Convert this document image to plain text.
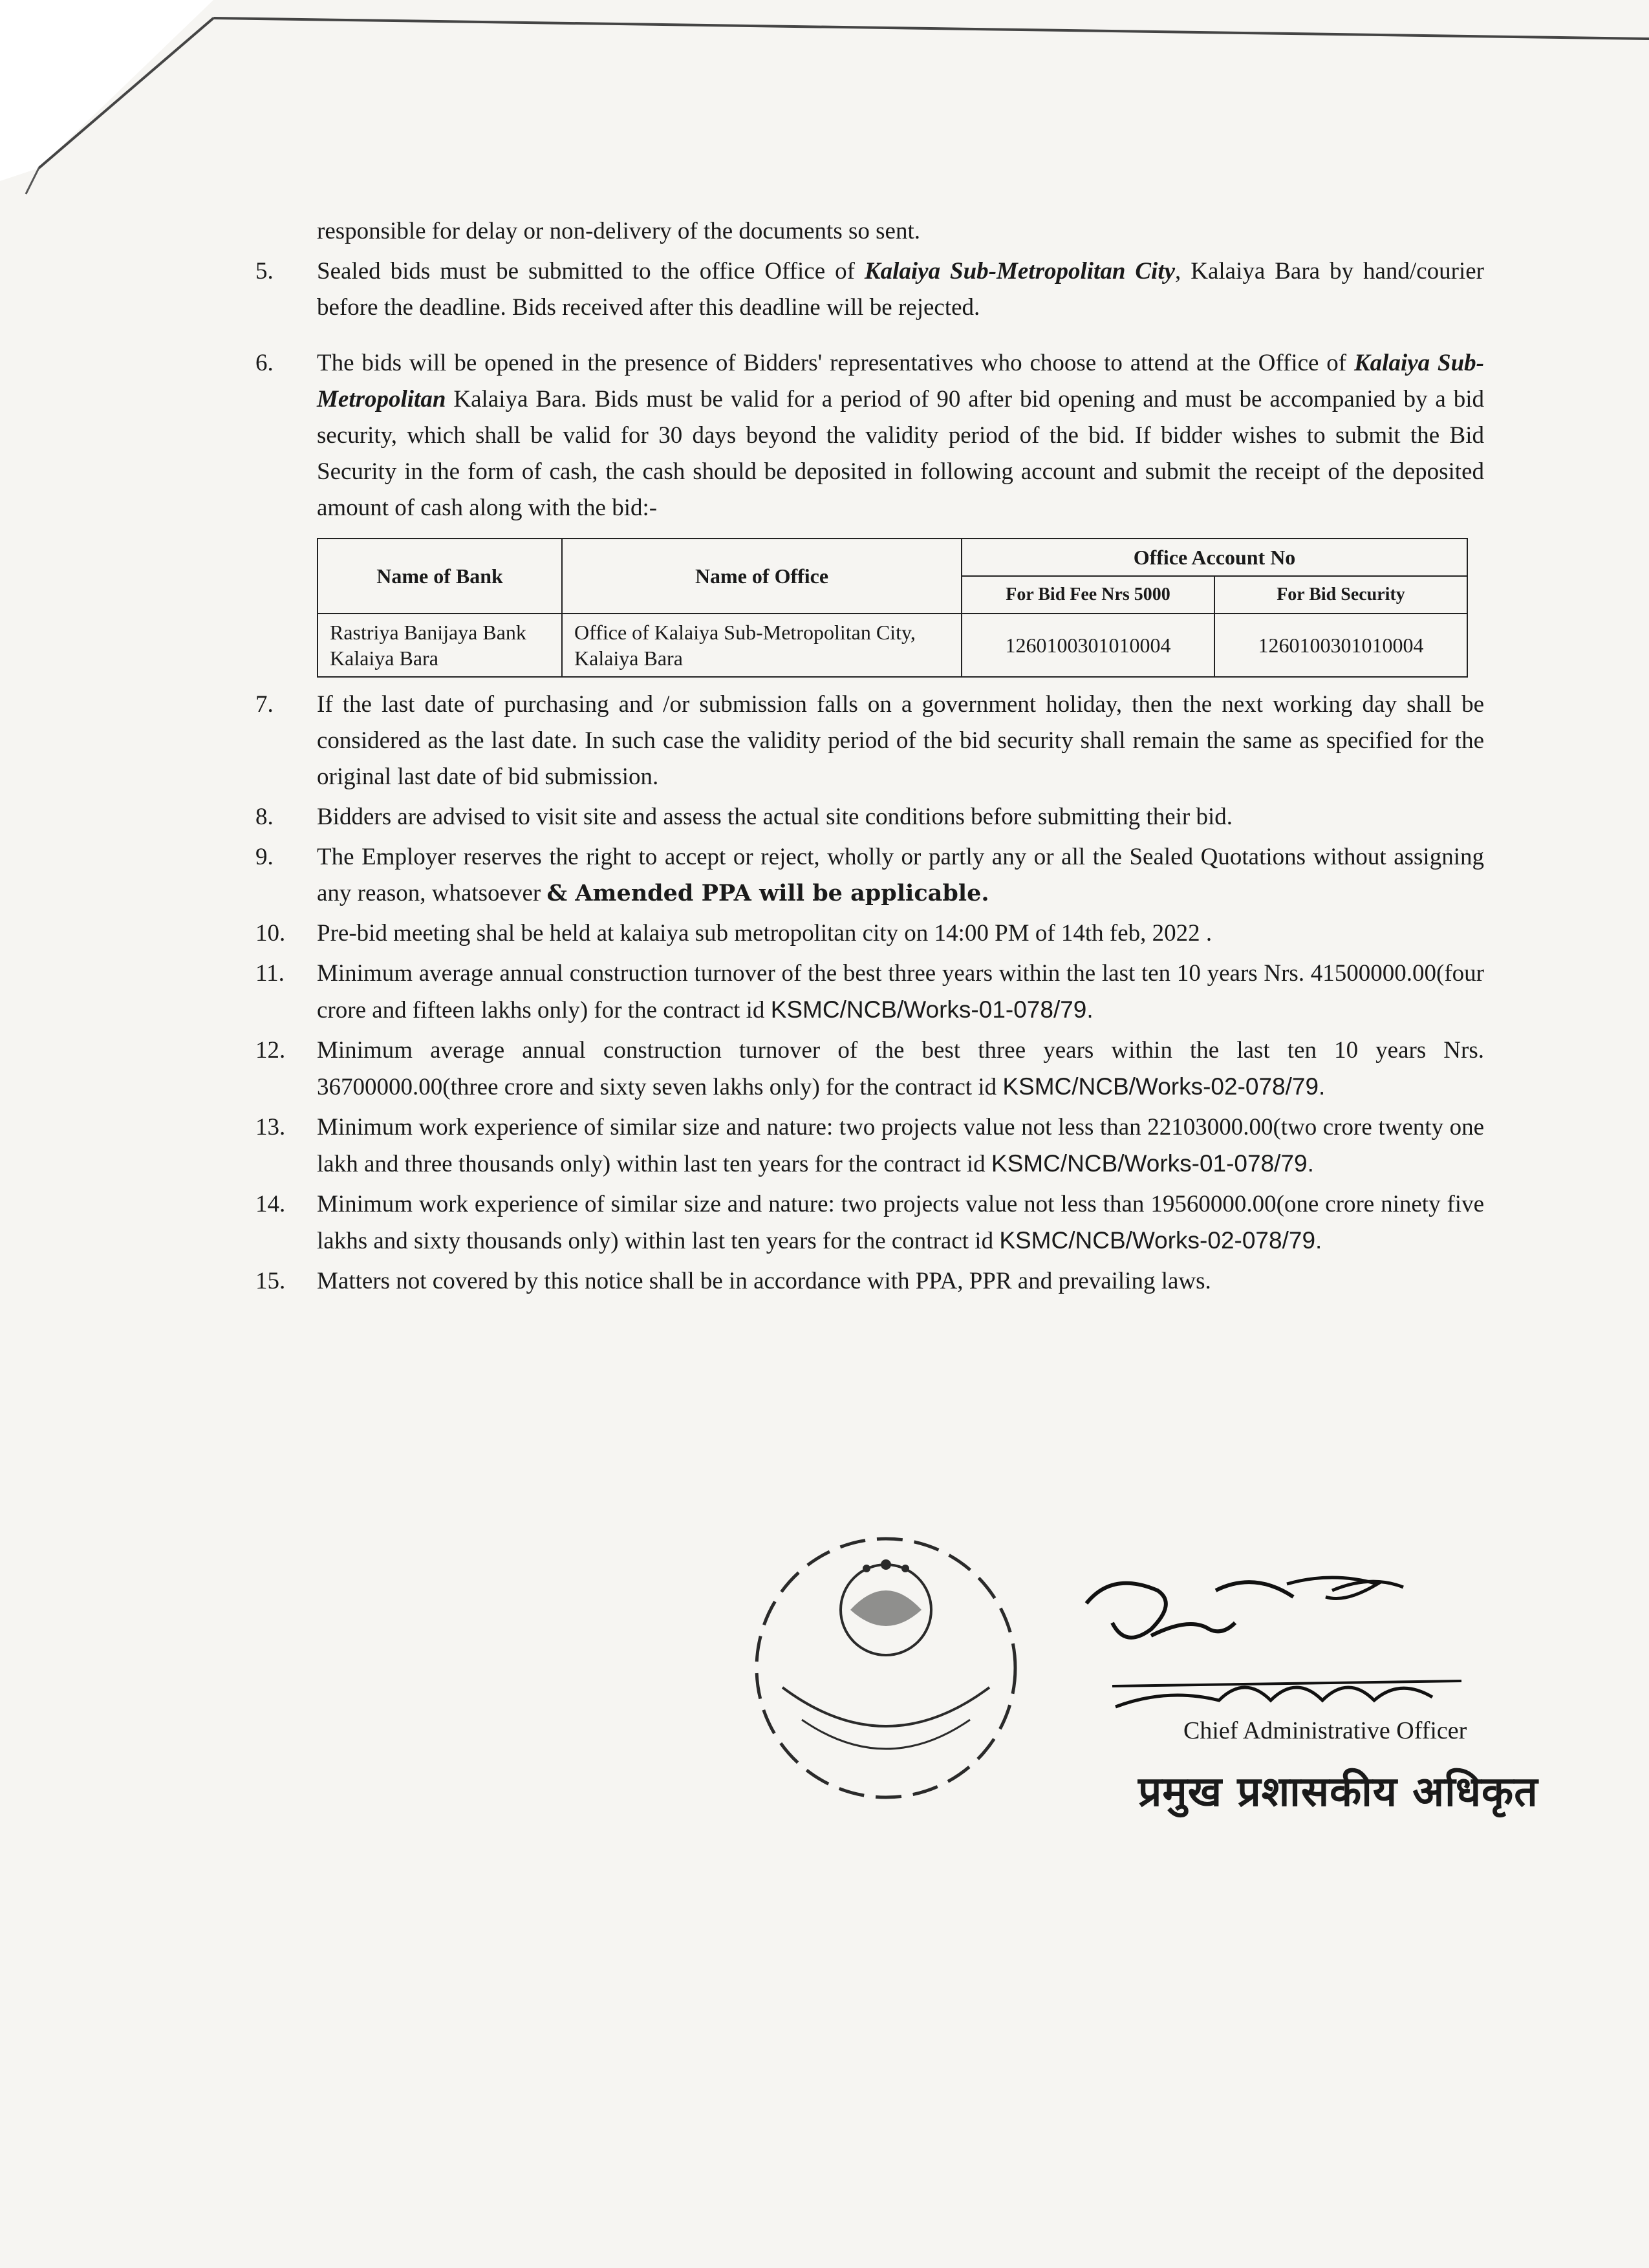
responsible for delay or non-delivery of the documents so sent.
5.	Sealed bids must be submitted to the office Office of Kalaiya Sub-Metropolitan City, Kalaiya Bara by hand/courier before the deadline. Bids received after this deadline will be rejected.
6.	The bids will be opened in the presence of Bidders' representatives who choose to attend at the Office of Kalaiya Sub-Metropolitan Kalaiya Bara. Bids must be valid for a period of 90 after bid opening and must be accompanied by a bid security, which shall be valid for 30 days beyond the validity period of the bid. If bidder wishes to submit the Bid Security in the form of cash, the cash should be deposited in following account and submit the receipt of the deposited amount of cash along with the bid:-
Name of Bank	Name of Office	Office Account No	
		For Bid Fee Nrs 5000	For Bid Security
Rastriya Banijaya Bank Kalaiya Bara	Office of Kalaiya Sub-Metropolitan City, Kalaiya Bara	1260100301010004	1260100301010004
7.	If the last date of purchasing and /or submission falls on a government holiday, then the next working day shall be considered as the last date. In such case the validity period of the bid security shall remain the same as specified for the original last date of bid submission.
8.	Bidders are advised to visit site and assess the actual site conditions before submitting their bid.
9.	The Employer reserves the right to accept or reject, wholly or partly any or all the Sealed Quotations without assigning any reason, whatsoever & Amended PPA will be applicable.
10.	Pre-bid meeting shal be held at kalaiya sub metropolitan city on 14:00 PM of 14th feb, 2022 .
11.	Minimum average annual construction turnover of the best three years within the last ten 10 years Nrs. 41500000.00(four crore and fifteen lakhs only) for the contract id KSMC/NCB/Works-01-078/79.
12.	Minimum average annual construction turnover of the best three years within the last ten 10 years Nrs. 36700000.00(three crore and sixty seven lakhs only) for the contract id KSMC/NCB/Works-02-078/79.
13.	Minimum work experience of similar size and nature: two projects value not less than 22103000.00(two crore twenty one lakh and three thousands only) within last ten years for the contract id KSMC/NCB/Works-01-078/79.
14.	Minimum work experience of similar size and nature: two projects value not less than 19560000.00(one crore ninety five lakhs and sixty thousands only) within last ten years for the contract id KSMC/NCB/Works-02-078/79.
15.	Matters not covered by this notice shall be in accordance with PPA, PPR and prevailing laws.
Chief Administrative Officer
प्रमुख प्रशासकीय अधिकृत
